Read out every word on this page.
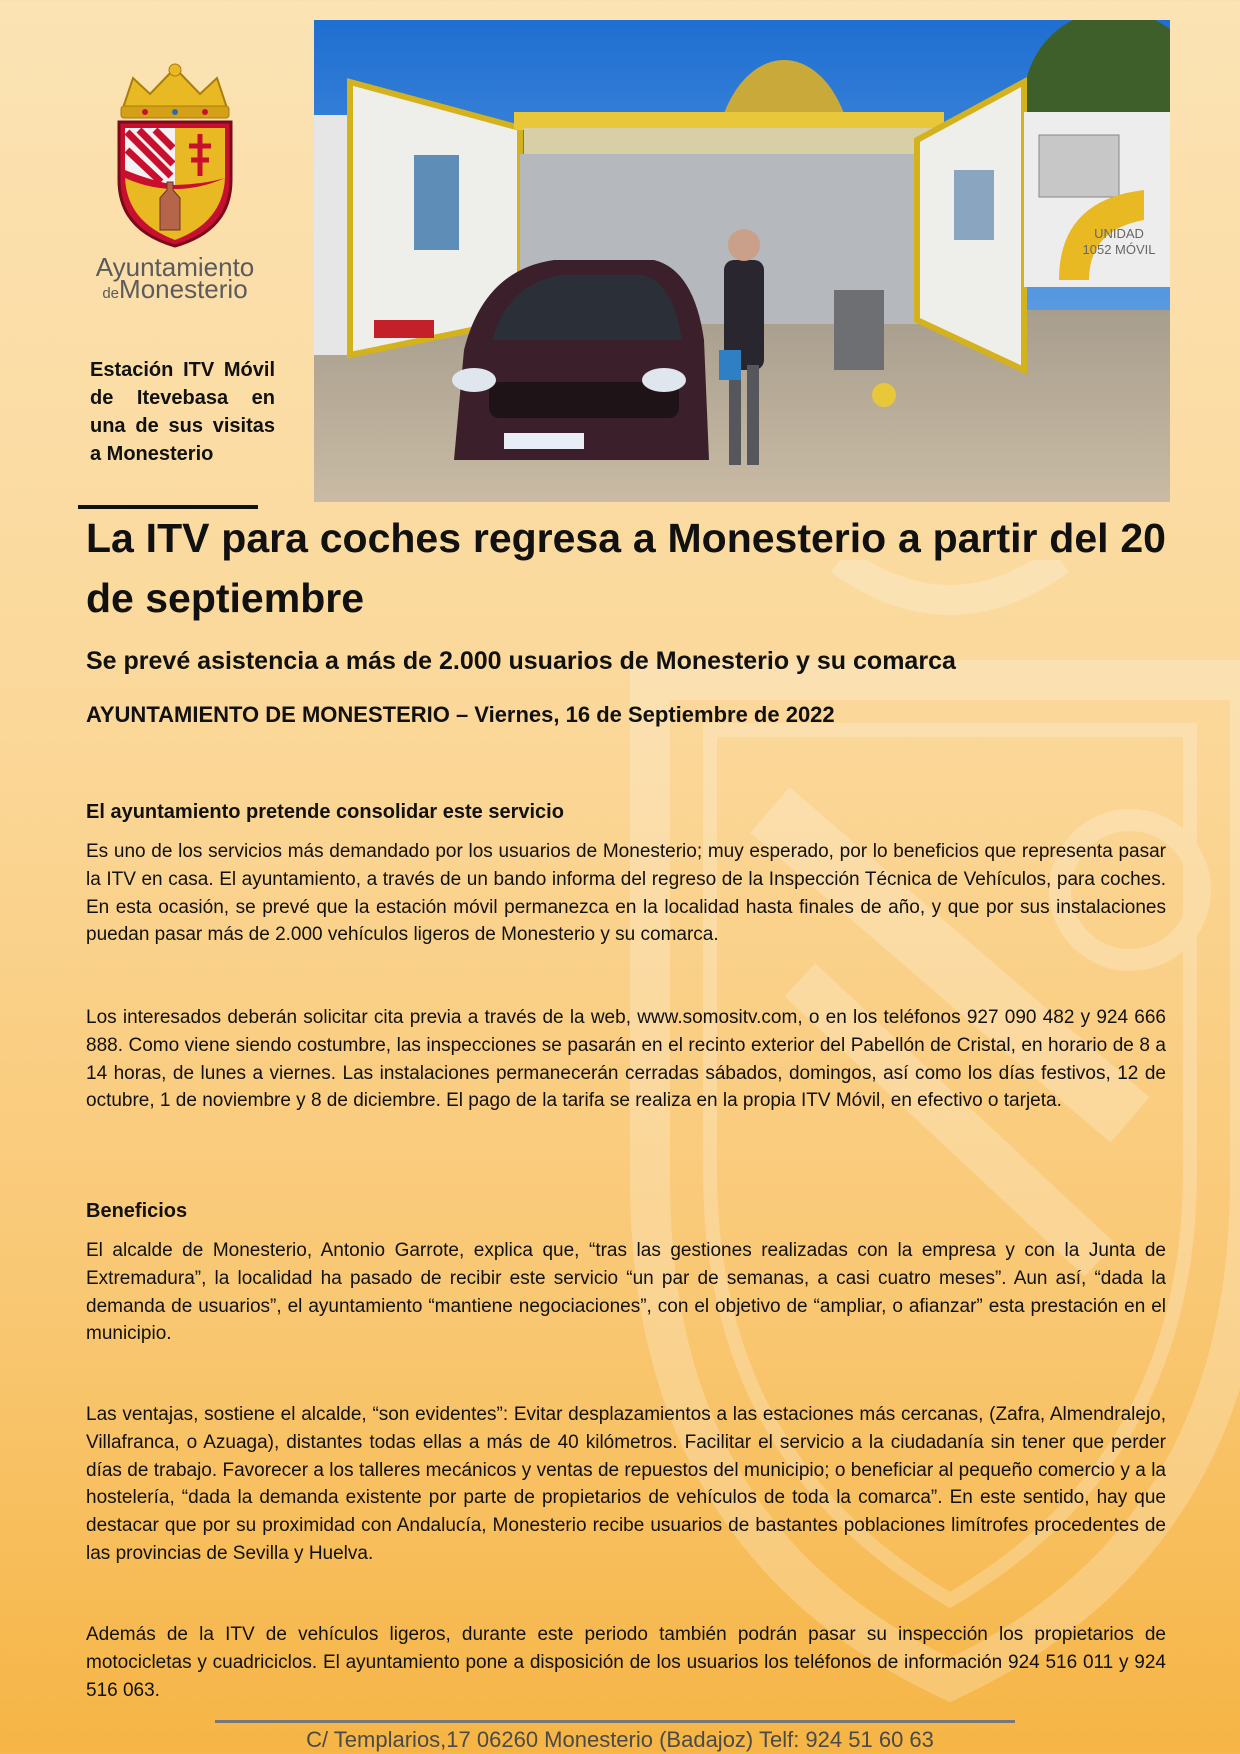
Ayuntamiento
deMonesterio
UNIDAD
1052 MÓVIL
Estación ITV Móvil de Itevebasa en una de sus visitas a Monesterio
La ITV para coches regresa a Monesterio a partir del 20 de septiembre
Se prevé asistencia a más de 2.000 usuarios de Monesterio y su comarca
AYUNTAMIENTO DE MONESTERIO – Viernes, 16 de Septiembre de 2022
El ayuntamiento pretende consolidar este servicio

Es uno de los servicios más demandado por los usuarios de Monesterio; muy esperado, por lo beneficios que representa pasar la ITV en casa. El ayuntamiento, a través de un bando informa del regreso de la Inspección Técnica de Vehículos, para coches. En esta ocasión, se prevé que la estación móvil permanezca en la localidad hasta finales de año, y que por sus instalaciones puedan pasar más de 2.000 vehículos ligeros de Monesterio y su comarca.

Los interesados deberán solicitar cita previa a través de la web, www.somositv.com, o en los teléfonos 927 090 482 y 924 666 888. Como viene siendo costumbre, las inspecciones se pasarán en el recinto exterior del Pabellón de Cristal, en horario de 8 a 14 horas, de lunes a viernes. Las instalaciones permanecerán cerradas sábados, domingos, así como los días festivos, 12 de octubre, 1 de noviembre y 8 de diciembre. El pago de la tarifa se realiza en la propia ITV Móvil, en efectivo o tarjeta.

Beneficios

El alcalde de Monesterio, Antonio Garrote, explica que, “tras las gestiones realizadas con la empresa y con la Junta de Extremadura”, la localidad ha pasado de recibir este servicio “un par de semanas, a casi cuatro meses”. Aun así, “dada la demanda de usuarios”, el ayuntamiento “mantiene negociaciones”, con el objetivo de “ampliar, o afianzar” esta prestación en el municipio.

Las ventajas, sostiene el alcalde, “son evidentes”: Evitar desplazamientos a las estaciones más cercanas, (Zafra, Almendralejo, Villafranca, o Azuaga), distantes todas ellas a más de 40 kilómetros. Facilitar el servicio a la ciudadanía sin tener que perder días de trabajo. Favorecer a los talleres mecánicos y ventas de repuestos del municipio; o beneficiar al pequeño comercio y a la hostelería, “dada la demanda existente por parte de propietarios de vehículos de toda la comarca”. En este sentido, hay que destacar que por su proximidad con Andalucía, Monesterio recibe usuarios de bastantes poblaciones limítrofes procedentes de las provincias de Sevilla y Huelva.

Además de la ITV de vehículos ligeros, durante este periodo también podrán pasar su inspección los propietarios de motocicletas y cuadriciclos. El ayuntamiento pone a disposición de los usuarios los teléfonos de información 924 516 011 y 924 516 063.

C/ Templarios,17 06260 Monesterio (Badajoz) Telf: 924 51 60 63
